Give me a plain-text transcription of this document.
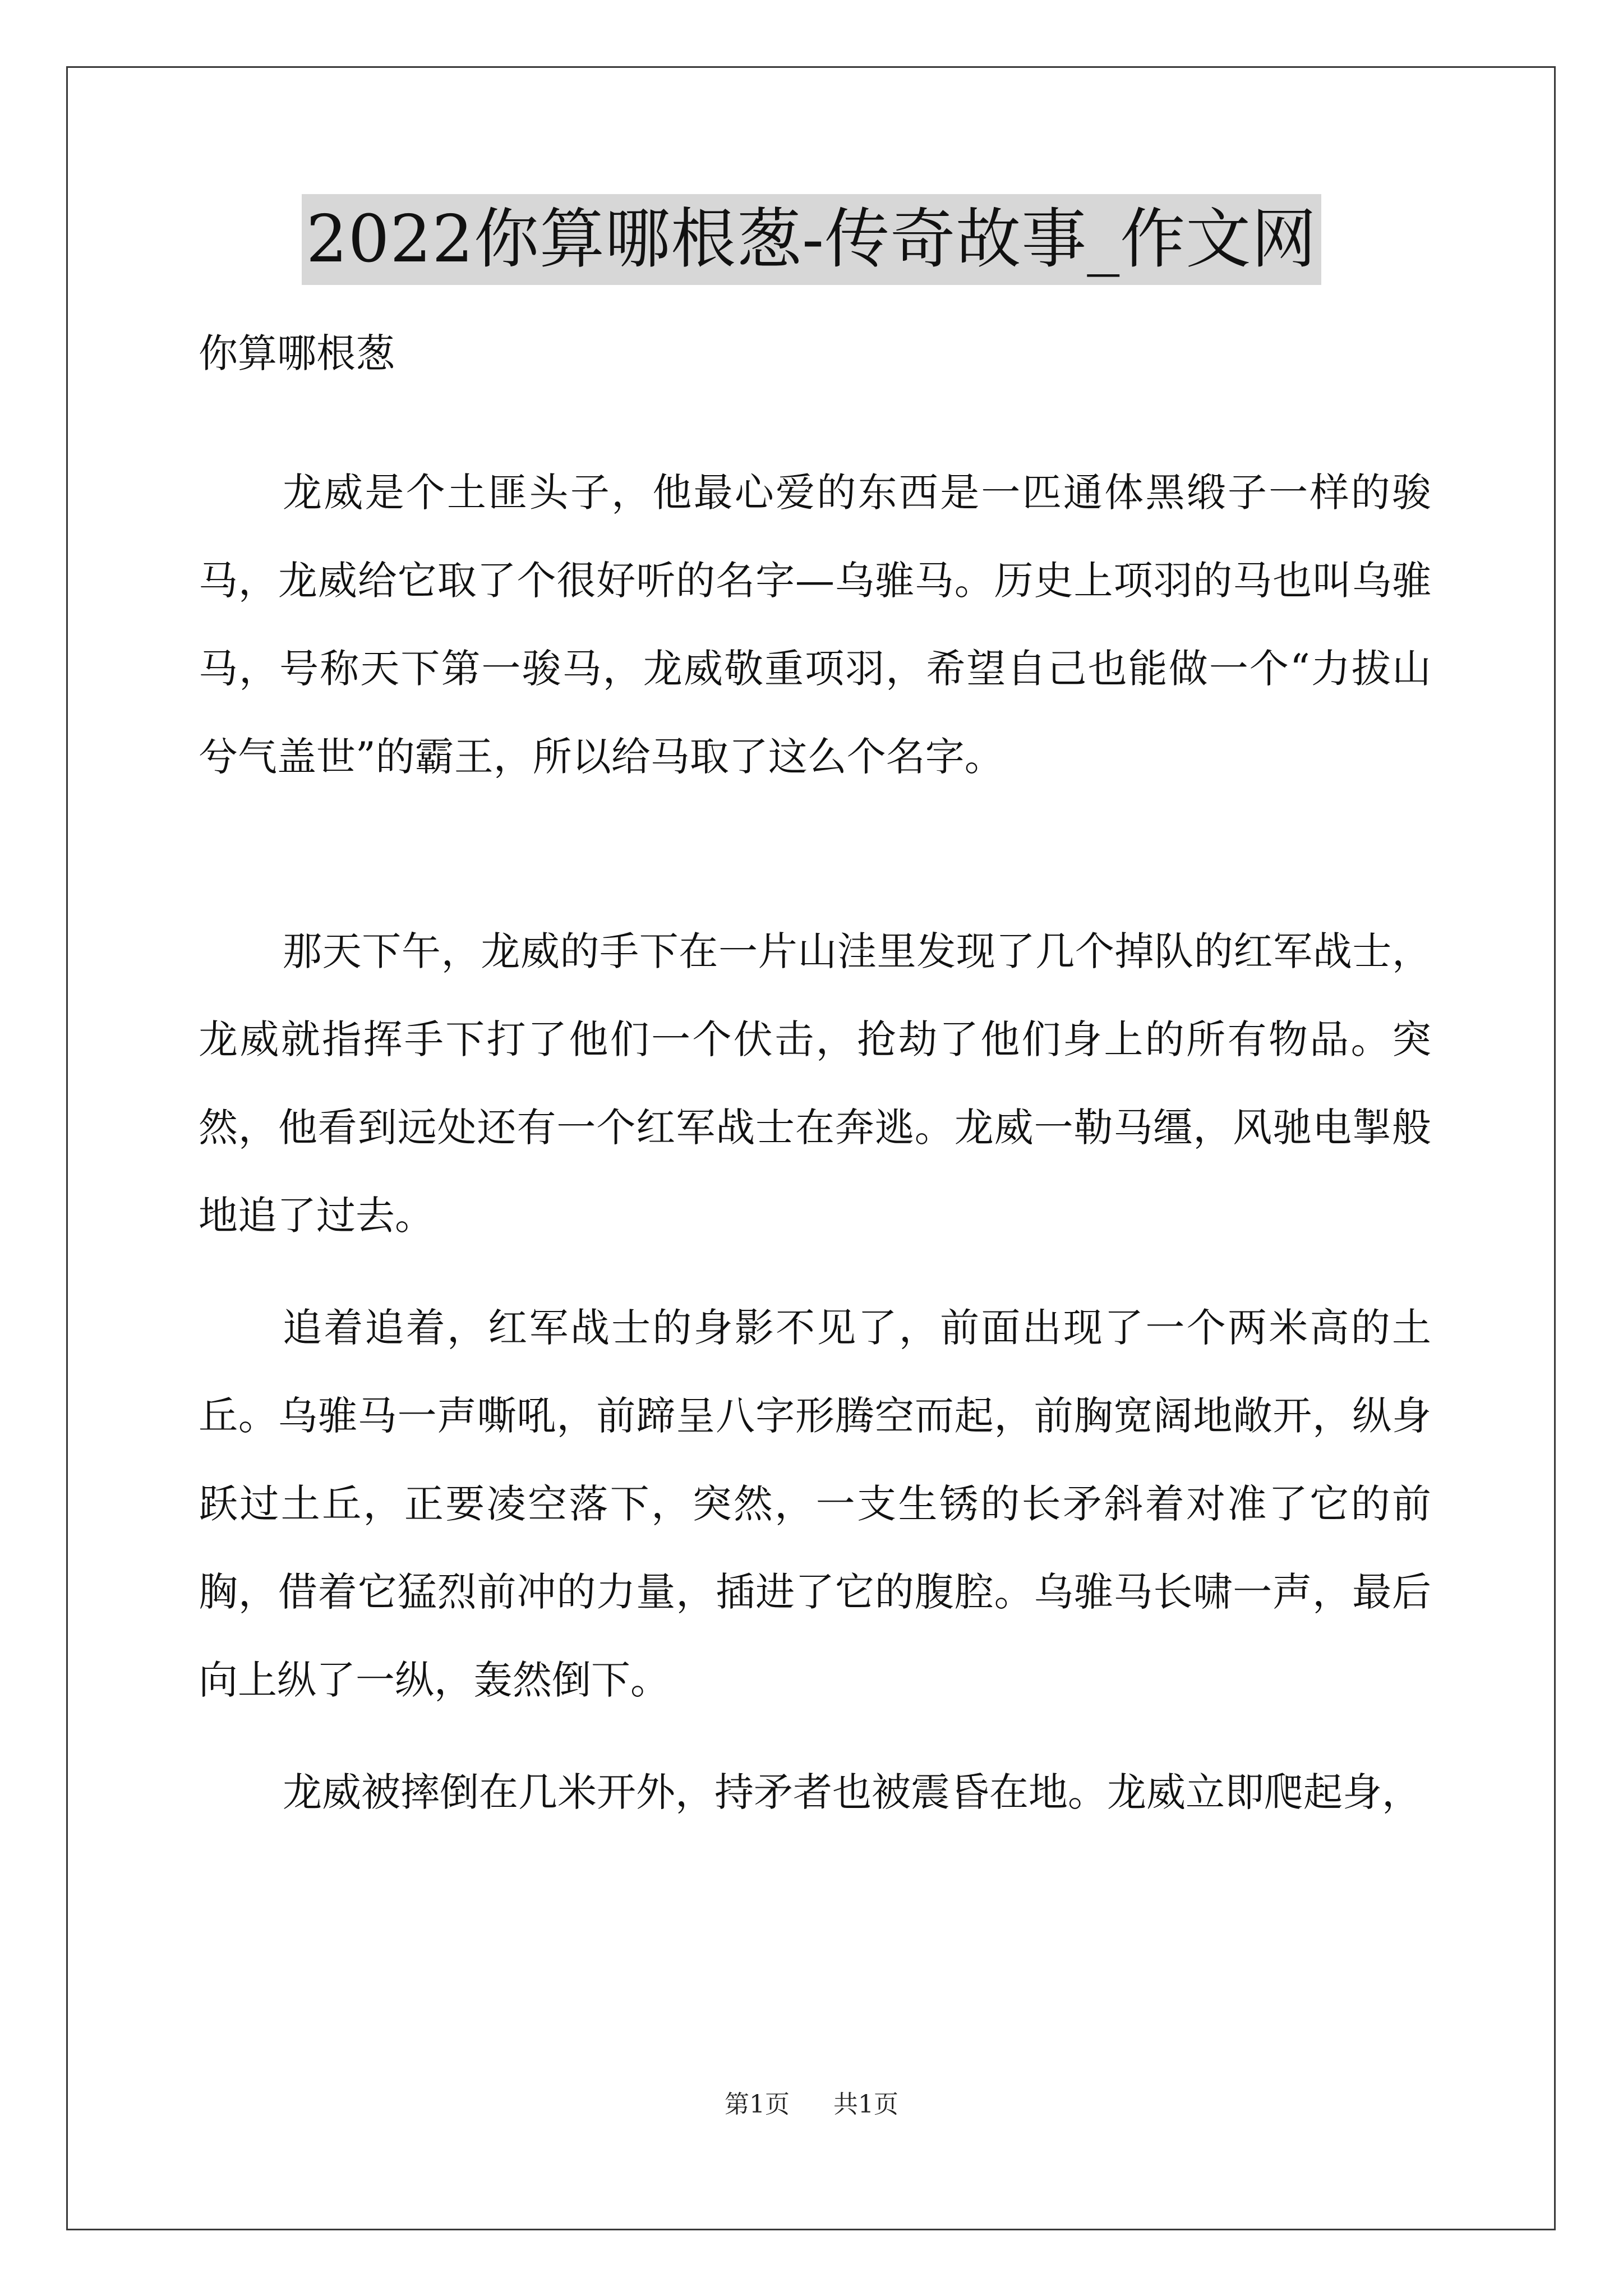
2022你算哪根葱-传奇故事_作文网

你算哪根葱

龙威是个土匪头子，他最心爱的东西是一匹通体黑缎子一样的骏马，龙威给它取了个很好听的名字—乌骓马。历史上项羽的马也叫乌骓马，号称天下第一骏马，龙威敬重项羽，希望自己也能做一个“力拔山兮气盖世”的霸王，所以给马取了这么个名字。

那天下午，龙威的手下在一片山洼里发现了几个掉队的红军战士，龙威就指挥手下打了他们一个伏击，抢劫了他们身上的所有物品。突然，他看到远处还有一个红军战士在奔逃。龙威一勒马缰，风驰电掣般地追了过去。

追着追着，红军战士的身影不见了，前面出现了一个两米高的土丘。乌骓马一声嘶吼，前蹄呈八字形腾空而起，前胸宽阔地敞开，纵身跃过土丘，正要凌空落下，突然，一支生锈的长矛斜着对准了它的前胸，借着它猛烈前冲的力量，插进了它的腹腔。乌骓马长啸一声，最后向上纵了一纵，轰然倒下。

龙威被摔倒在几米开外，持矛者也被震昏在地。龙威立即爬起身，

第1页 共1页
